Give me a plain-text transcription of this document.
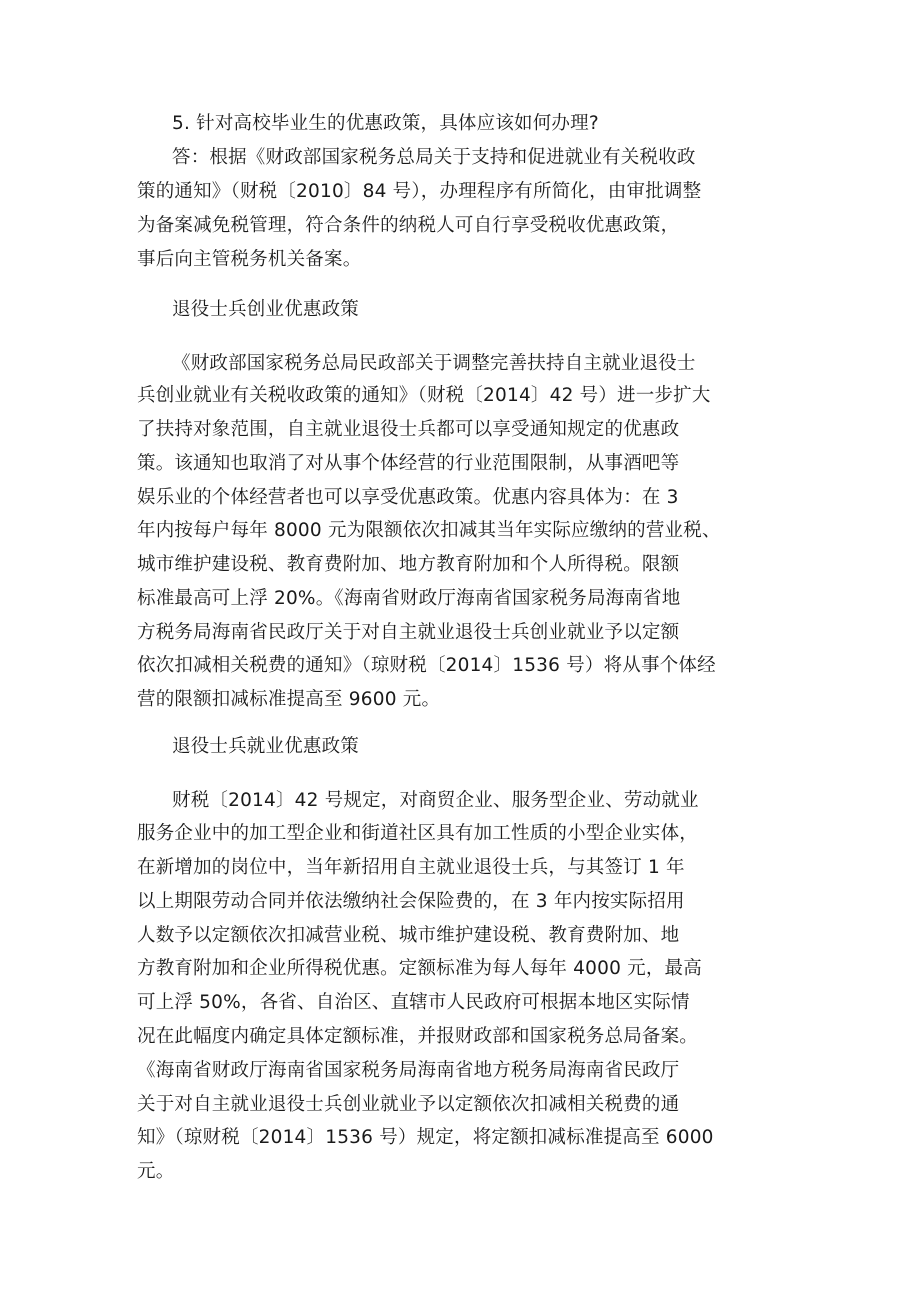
5. 针对高校毕业生的优惠政策，具体应该如何办理?
答：根据《财政部国家税务总局关于支持和促进就业有关税收政
策的通知》（财税〔2010〕84 号），办理程序有所简化，由审批调整
为备案减免税管理，符合条件的纳税人可自行享受税收优惠政策，
事后向主管税务机关备案。
退役士兵创业优惠政策
《财政部国家税务总局民政部关于调整完善扶持自主就业退役士
兵创业就业有关税收政策的通知》（财税〔2014〕42 号）进一步扩大
了扶持对象范围，自主就业退役士兵都可以享受通知规定的优惠政
策。该通知也取消了对从事个体经营的行业范围限制，从事酒吧等
娱乐业的个体经营者也可以享受优惠政策。优惠内容具体为：在 3
年内按每户每年 8000 元为限额依次扣减其当年实际应缴纳的营业税、
城市维护建设税、教育费附加、地方教育附加和个人所得税。限额
标准最高可上浮 20%。《海南省财政厅海南省国家税务局海南省地
方税务局海南省民政厅关于对自主就业退役士兵创业就业予以定额
依次扣减相关税费的通知》（琼财税〔2014〕1536 号）将从事个体经
营的限额扣减标准提高至 9600 元。
退役士兵就业优惠政策
财税〔2014〕42 号规定，对商贸企业、服务型企业、劳动就业
服务企业中的加工型企业和街道社区具有加工性质的小型企业实体，
在新增加的岗位中，当年新招用自主就业退役士兵，与其签订 1 年
以上期限劳动合同并依法缴纳社会保险费的，在 3 年内按实际招用
人数予以定额依次扣减营业税、城市维护建设税、教育费附加、地
方教育附加和企业所得税优惠。定额标准为每人每年 4000 元，最高
可上浮 50%，各省、自治区、直辖市人民政府可根据本地区实际情
况在此幅度内确定具体定额标准，并报财政部和国家税务总局备案。
《海南省财政厅海南省国家税务局海南省地方税务局海南省民政厅
关于对自主就业退役士兵创业就业予以定额依次扣减相关税费的通
知》（琼财税〔2014〕1536 号）规定，将定额扣减标准提高至 6000
元。
